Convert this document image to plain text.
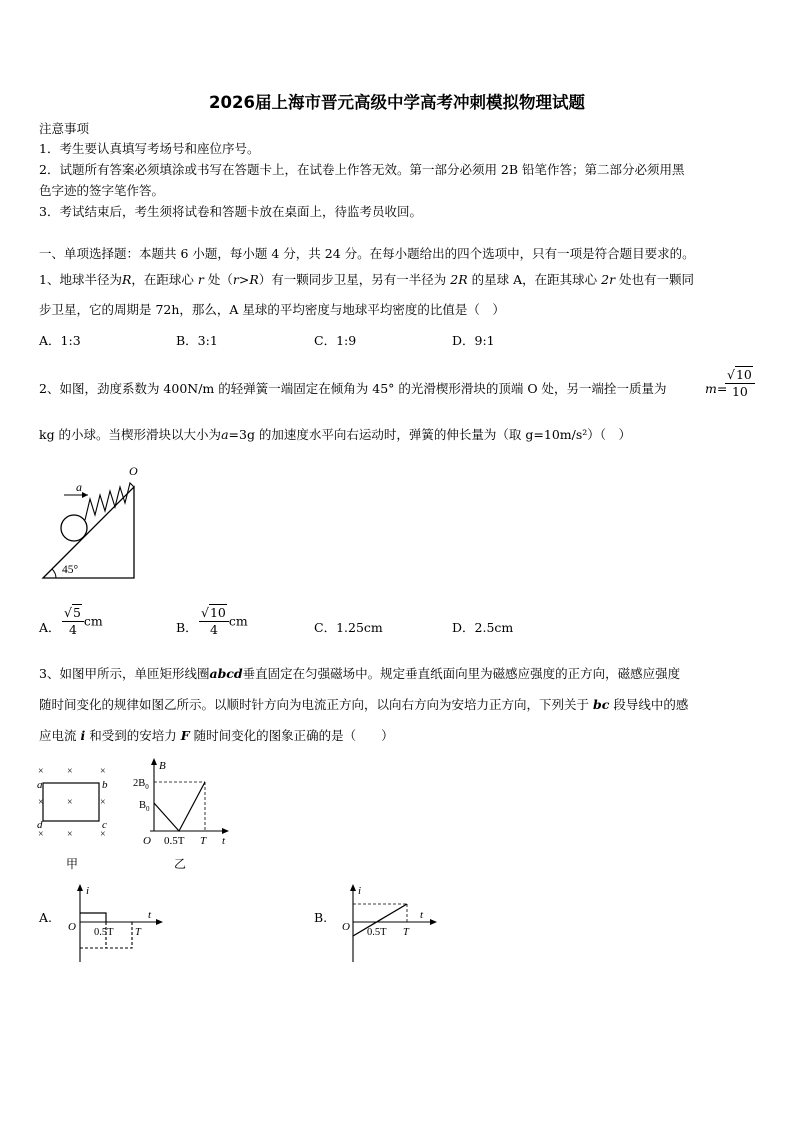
2026届上海市晋元高级中学高考冲刺模拟物理试题
注意事项
1．考生要认真填写考场号和座位序号。
2．试题所有答案必须填涂或书写在答题卡上，在试卷上作答无效。第一部分必须用 2B 铅笔作答；第二部分必须用黑
色字迹的签字笔作答。
3．考试结束后，考生须将试卷和答题卡放在桌面上，待监考员收回。
一、单项选择题：本题共 6 小题，每小题 4 分，共 24 分。在每小题给出的四个选项中，只有一项是符合题目要求的。
1、地球半径为R，在距球心 r 处（r>R）有一颗同步卫星，另有一半径为 2R 的星球 A，在距其球心 2r 处也有一颗同
步卫星，它的周期是 72h，那么，A 星球的平均密度与地球平均密度的比值是（　）
A．1:3	B．3:1	C．1:9	D．9:1
2、如图，劲度系数为 400N/m 的轻弹簧一端固定在倾角为 45° 的光滑楔形滑块的顶端 O 处，另一端拴一质量为	m=
$\frac{√10}{10}$
kg 的小球。当楔形滑块以大小为a=3g 的加速度水平向右运动时，弹簧的伸长量为（取 g=10m/s²）（　）
a
O
45°
A． $\frac{√5}{4}$ cm	B． $\frac{√10}{4}$ cm	C．1.25cm	D．2.5cm
3、如图甲所示，单匝矩形线圈abcd垂直固定在匀强磁场中。规定垂直纸面向里为磁感应强度的正方向，磁感应强度
随时间变化的规律如图乙所示。以顺时针方向为电流正方向，以向右方向为安培力正方向，下列关于 bc 段导线中的感
应电流 i 和受到的安培力 F 随时间变化的图象正确的是（　　）
× ×	×
×	×
×
× ×	×
a	b
d	c
甲
B
$2B_0$
$B_0$
O 0.5T T t
乙
A.
i
t
O 0.5T T
B.
i
t
O 0.5T T
